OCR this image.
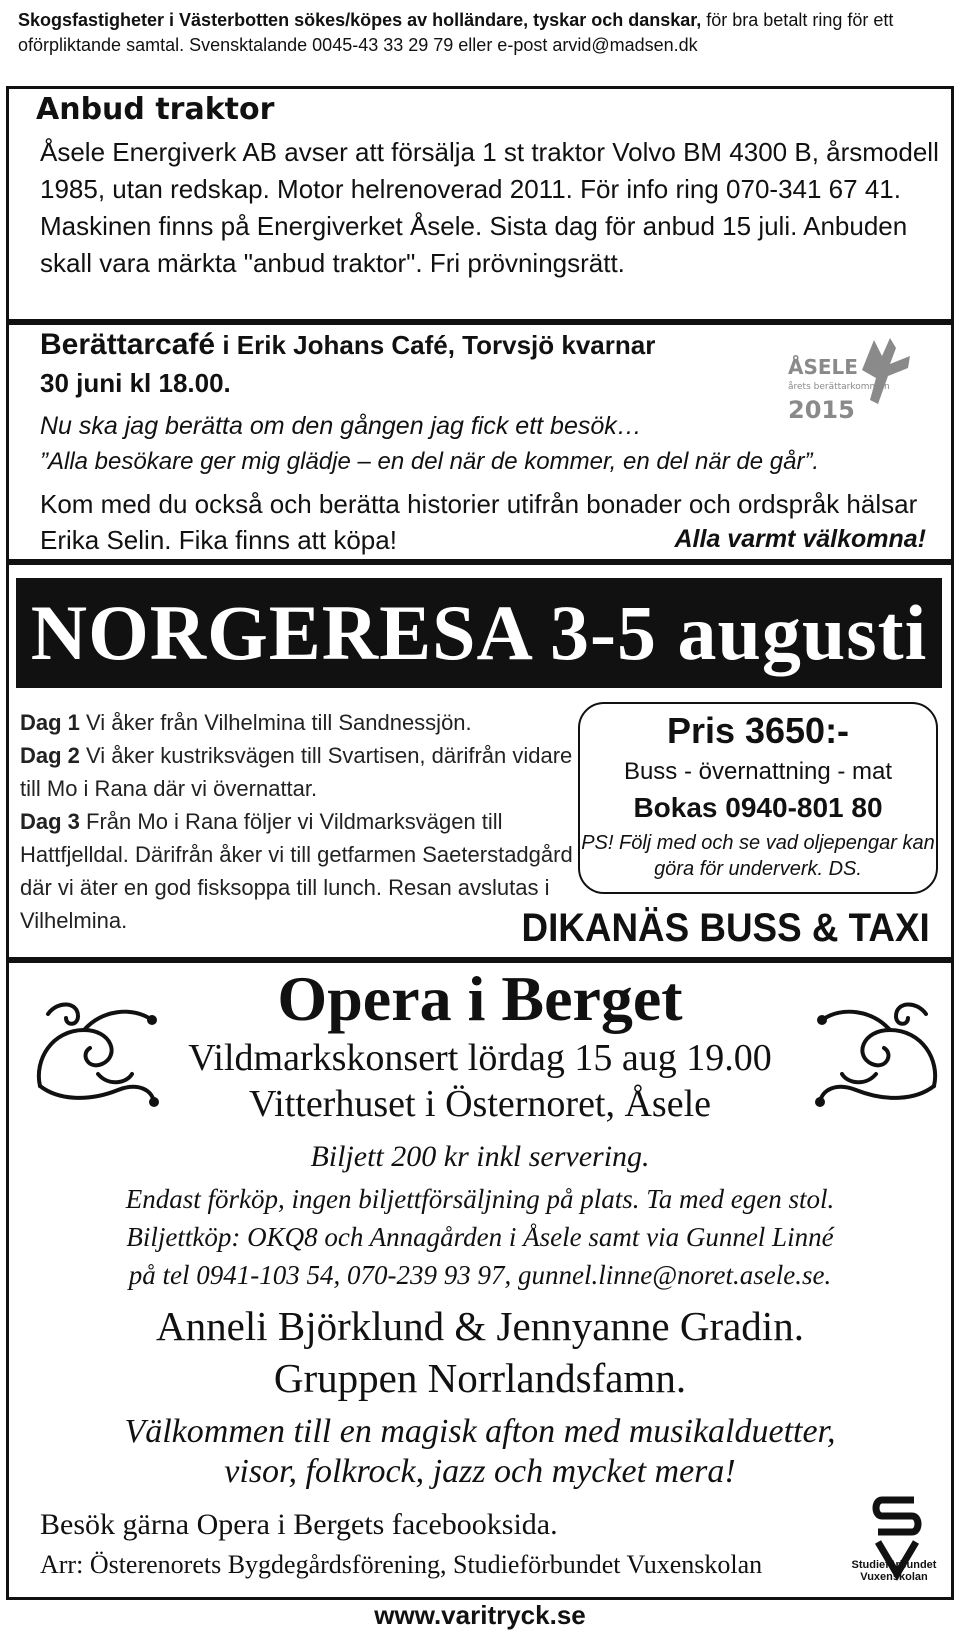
Skogsfastigheter i Västerbotten sökes/köpes av holländare, tyskar och danskar, för bra betalt ring för ett oförpliktande samtal. Svensktalande 0045-43 33 29 79 eller e-post arvid@madsen.dk
Anbud traktor
Åsele Energiverk AB avser att försälja 1 st traktor Volvo BM 4300 B, årsmodell 1985, utan redskap. Motor helrenoverad 2011. För info ring 070-341 67 41. Maskinen finns på Energiverket Åsele. Sista dag för anbud 15 juli. Anbuden skall vara märkta "anbud traktor". Fri prövningsrätt.
Berättarcafé i Erik Johans Café, Torvsjö kvarnar
30 juni kl 18.00.
Nu ska jag berätta om den gången jag fick ett besök…
”Alla besökare ger mig glädje – en del när de kommer, en del när de går”.
Kom med du också och berätta historier utifrån bonader och ordspråk hälsar Erika Selin. Fika finns att köpa!	Alla varmt välkomna!
ÅSELE
årets berättarkommun
2015
NORGERESA 3-5 augusti
Dag 1 Vi åker från Vilhelmina till Sandnessjön.
Dag 2 Vi åker kustriksvägen till Svartisen, därifrån vidare till Mo i Rana där vi övernattar.
Dag 3 Från Mo i Rana följer vi Vildmarksvägen till Hattfjelldal. Därifrån åker vi till getfarmen Saeterstadgård där vi äter en god fisksoppa till lunch. Resan avslutas i Vilhelmina.
Pris 3650:-
Buss - övernattning - mat
Bokas 0940-801 80
PS! Följ med och se vad oljepengar kan göra för underverk. DS.
DIKANÄS BUSS & TAXI
Opera i Berget
Vildmarkskonsert lördag 15 aug 19.00
Vitterhuset i Östernoret, Åsele
Biljett 200 kr inkl servering.
Endast förköp, ingen biljettförsäljning på plats. Ta med egen stol.
Biljettköp: OKQ8 och Annagården i Åsele samt via Gunnel Linné
på tel 0941-103 54, 070-239 93 97, gunnel.linne@noret.asele.se.
Anneli Björklund & Jennyanne Gradin.
Gruppen Norrlandsfamn.
Välkommen till en magisk afton med musikalduetter,
visor, folkrock, jazz och mycket mera!
Besök gärna Opera i Bergets facebooksida.
Arr: Österenorets Bygdegårdsförening, Studieförbundet Vuxenskolan	Studieförbundet
Vuxenskolan
www.varitryck.se
